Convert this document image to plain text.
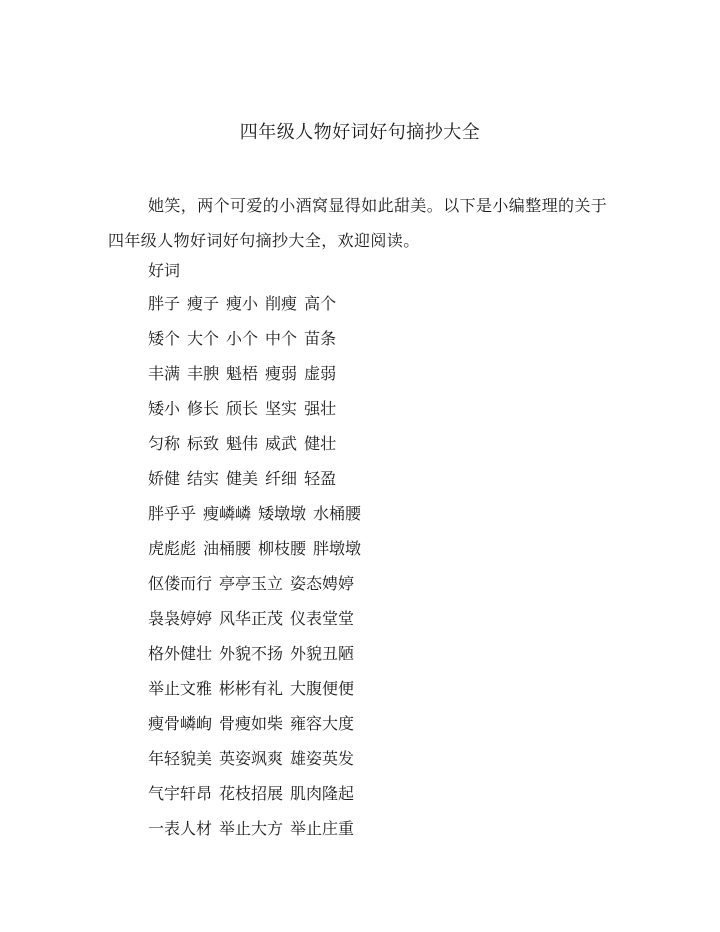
四年级人物好词好句摘抄大全

她笑，两个可爱的小酒窝显得如此甜美。以下是小编整理的关于四年级人物好词好句摘抄大全，欢迎阅读。

好词

胖子 瘦子 瘦小 削瘦 高个
矮个 大个 小个 中个 苗条
丰满 丰腴 魁梧 瘦弱 虚弱
矮小 修长 颀长 坚实 强壮
匀称 标致 魁伟 威武 健壮
娇健 结实 健美 纤细 轻盈
胖乎乎 瘦嶙嶙 矮墩墩 水桶腰
虎彪彪 油桶腰 柳枝腰 胖墩墩
伛偻而行 亭亭玉立 姿态娉婷
袅袅婷婷 风华正茂 仪表堂堂
格外健壮 外貌不扬 外貌丑陋
举止文雅 彬彬有礼 大腹便便
瘦骨嶙峋 骨瘦如柴 雍容大度
年轻貌美 英姿飒爽 雄姿英发
气宇轩昂 花枝招展 肌肉隆起
一表人材 举止大方 举止庄重
